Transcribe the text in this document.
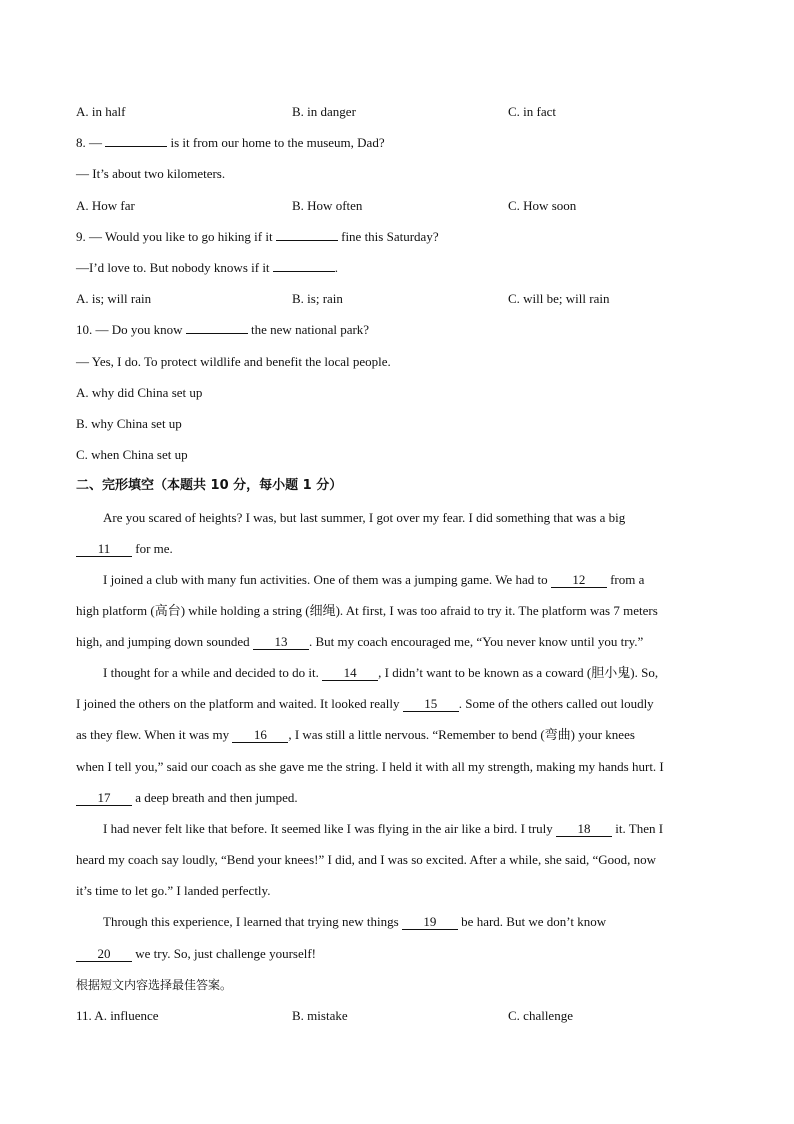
A. in half	B. in danger	C. in fact
8. —	is it from our home to the museum, Dad?
— It’s about two kilometers.
A. How far	B. How often	C. How soon
9. — Would you like to go hiking if it	fine this Saturday?
—I’d love to. But nobody knows if it	.
A. is; will rain	B. is; rain	C. will be; will rain
10. — Do you know	the new national park?
— Yes, I do. To protect wildlife and benefit the local people.
A. why did China set up
B. why China set up
C. when China set up
二、完形填空（本题共 10 分，每小题 1 分）
Are you scared of heights? I was, but last summer, I got over my fear. I did something that was a big
11 for me.
I joined a club with many fun activities. One of them was a jumping game. We had to 12 from a
high platform (高台) while holding a string (细绳). At first, I was too afraid to try it. The platform was 7 meters
high, and jumping down sounded 13 . But my coach encouraged me, “You never know until you try.”
I thought for a while and decided to do it. 14 , I didn’t want to be known as a coward (胆小鬼). So,
I joined the others on the platform and waited. It looked really 15 . Some of the others called out loudly
as they flew. When it was my 16 , I was still a little nervous. “Remember to bend (弯曲) your knees
when I tell you,” said our coach as she gave me the string. I held it with all my strength, making my hands hurt. I
17 a deep breath and then jumped.
I had never felt like that before. It seemed like I was flying in the air like a bird. I truly 18 it. Then I
heard my coach say loudly, “Bend your knees!” I did, and I was so excited. After a while, she said, “Good, now
it’s time to let go.” I landed perfectly.
Through this experience, I learned that trying new things 19 be hard. But we don’t know
20 we try. So, just challenge yourself!
根据短文内容选择最佳答案。
11. A. influence	B. mistake	C. challenge
